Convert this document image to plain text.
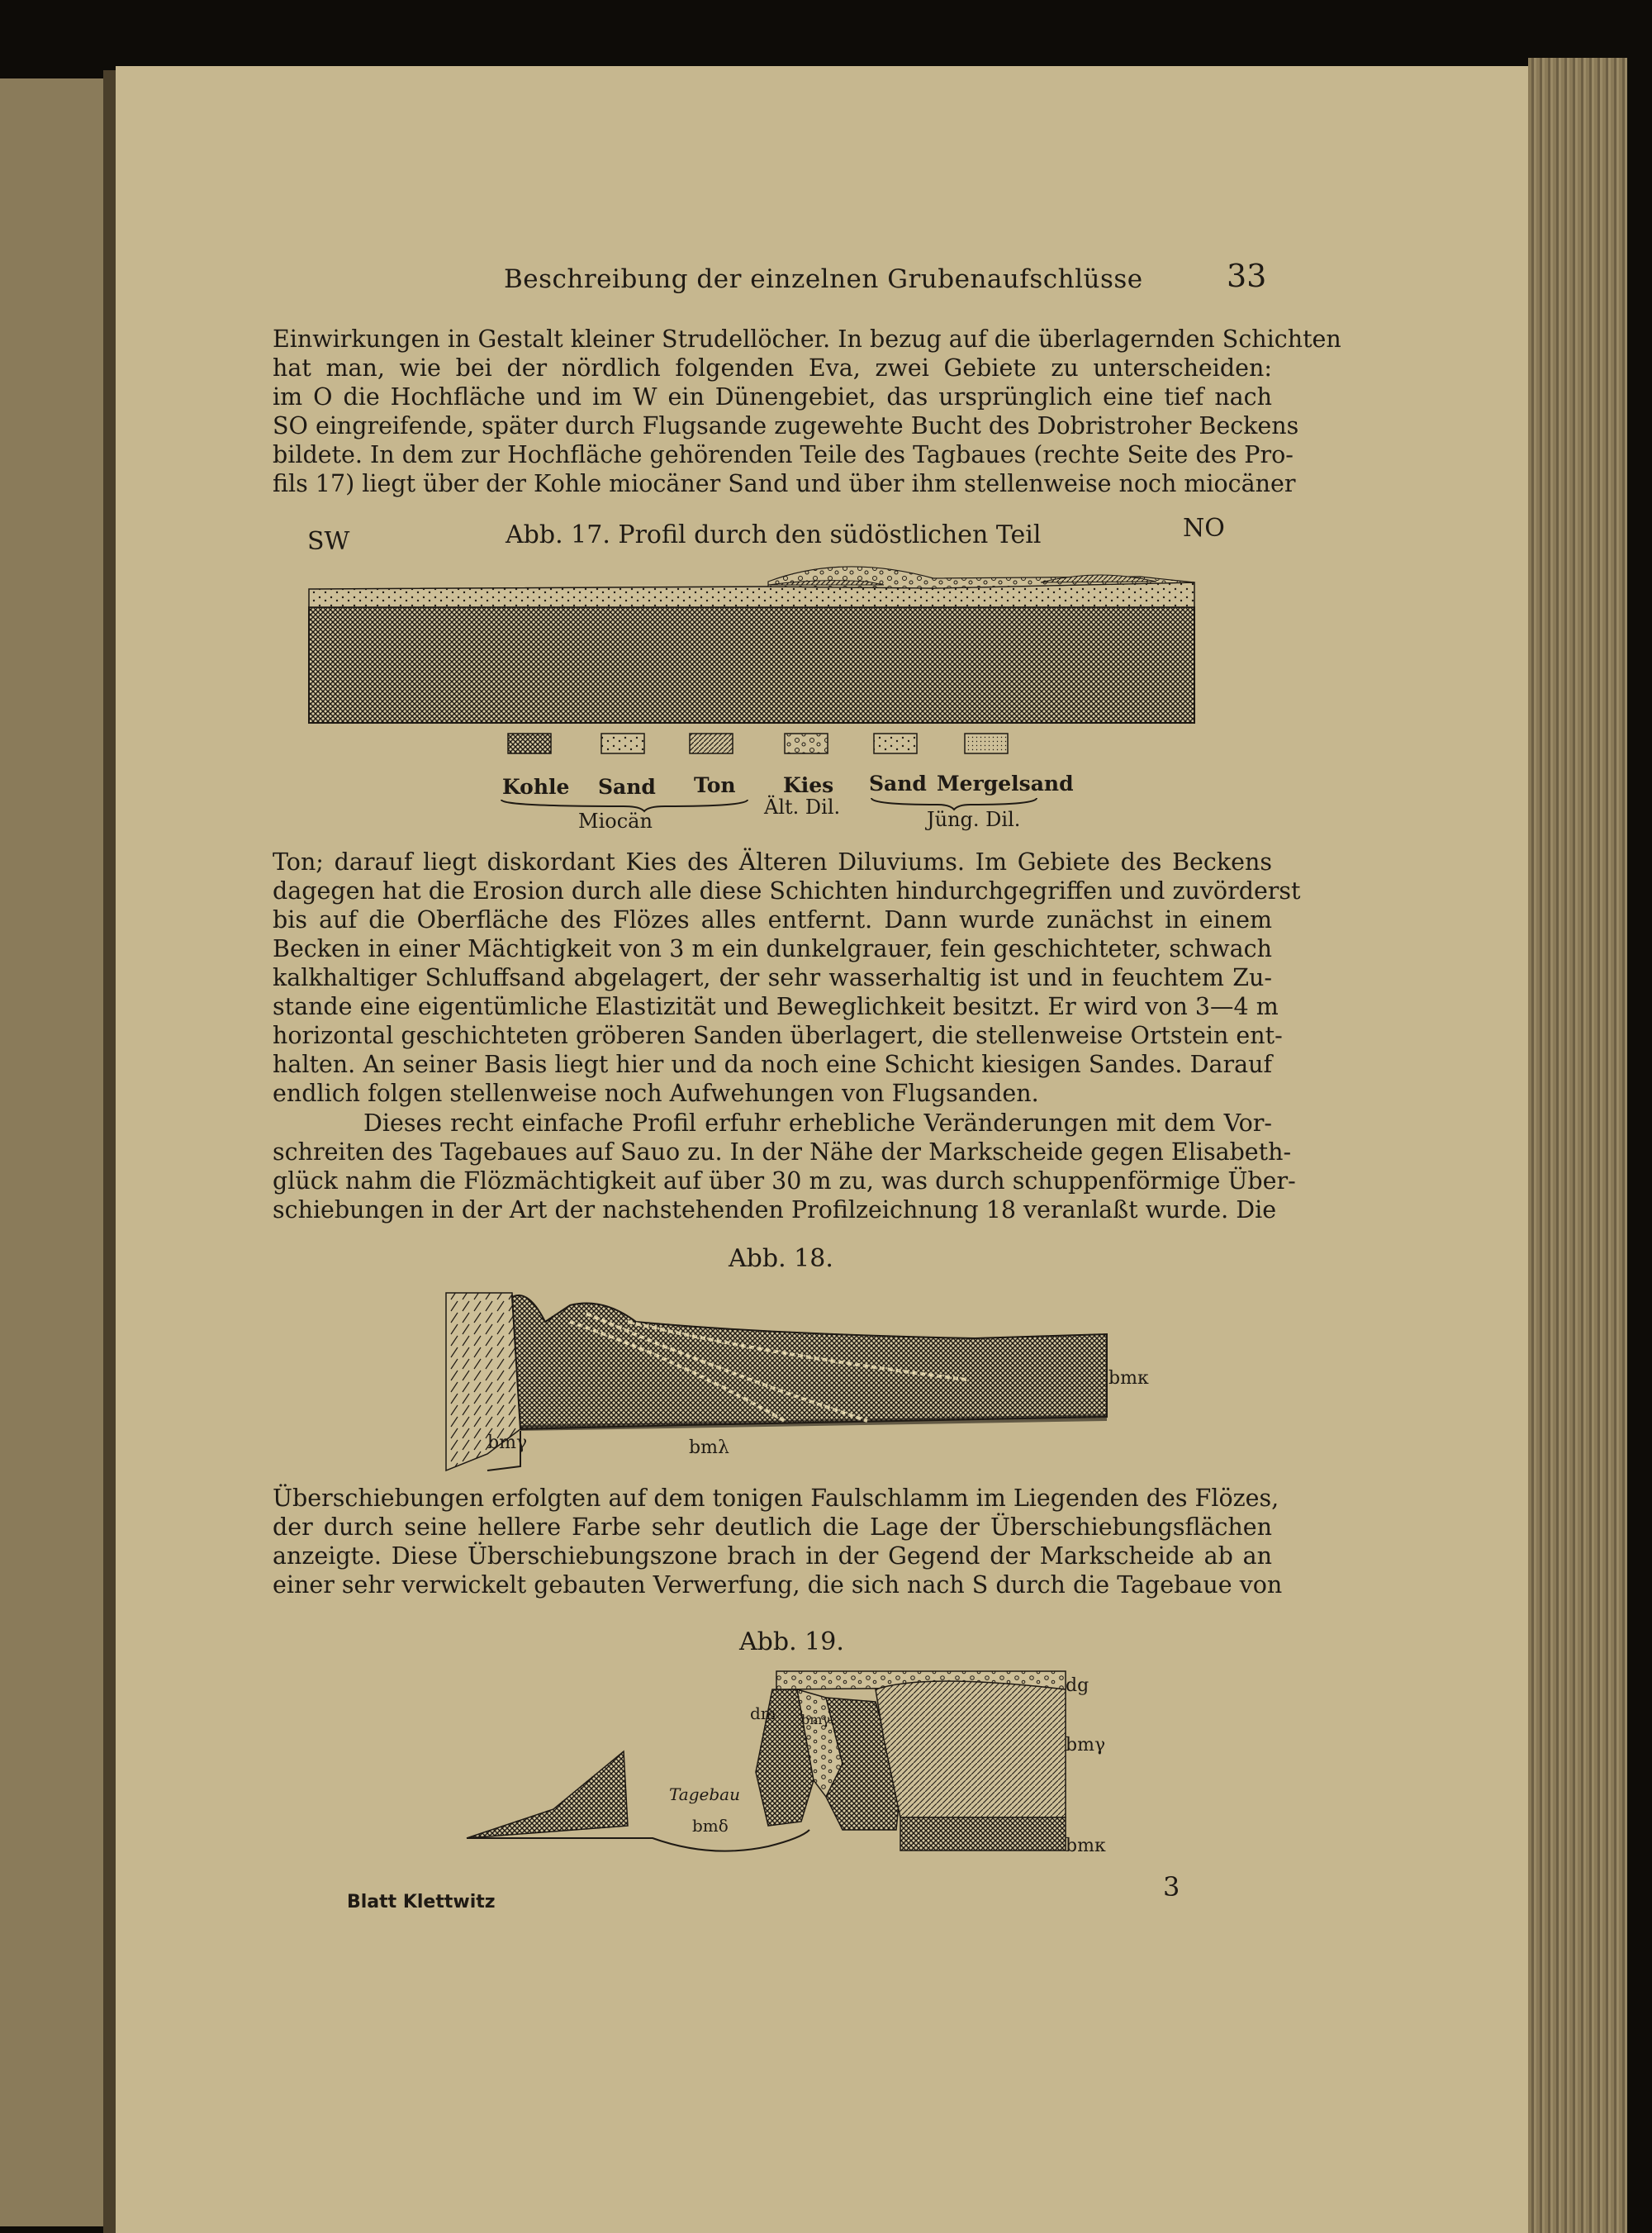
Beschreibung der einzelnen Grubenaufschlüsse	33
Einwirkungen in Gestalt kleiner Strudellöcher. In bezug auf die überlagernden Schichten
hat man, wie bei der nördlich folgenden Eva, zwei Gebiete zu unterscheiden:
im O die Hochfläche und im W ein Dünengebiet, das ursprünglich eine tief nach
SO eingreifende, später durch Flugsande zugewehte Bucht des Dobristroher Beckens
bildete. In dem zur Hochfläche gehörenden Teile des Tagbaues (rechte Seite des Pro-
fils 17) liegt über der Kohle miocäner Sand und über ihm stellenweise noch miocäner
SW	Abb. 17. Profil durch den südöstlichen Teil	NO
Kohle Sand Ton Kies Sand Mergelsand
Miocän
Ält. Dil.
Jüng. Dil.
Ton; darauf liegt diskordant Kies des Älteren Diluviums. Im Gebiete des Beckens
dagegen hat die Erosion durch alle diese Schichten hindurchgegriffen und zuvörderst
bis auf die Oberfläche des Flözes alles entfernt. Dann wurde zunächst in einem
Becken in einer Mächtigkeit von 3 m ein dunkelgrauer, fein geschichteter, schwach
kalkhaltiger Schluffsand abgelagert, der sehr wasserhaltig ist und in feuchtem Zu-
stande eine eigentümliche Elastizität und Beweglichkeit besitzt. Er wird von 3—4 m
horizontal geschichteten gröberen Sanden überlagert, die stellenweise Ortstein ent-
halten. An seiner Basis liegt hier und da noch eine Schicht kiesigen Sandes. Darauf
endlich folgen stellenweise noch Aufwehungen von Flugsanden.
Dieses recht einfache Profil erfuhr erhebliche Veränderungen mit dem Vor-
schreiten des Tagebaues auf Sauo zu. In der Nähe der Markscheide gegen Elisabeth-
glück nahm die Flözmächtigkeit auf über 30 m zu, was durch schuppenförmige Über-
schiebungen in der Art der nachstehenden Profilzeichnung 18 veranlaßt wurde. Die
Abb. 18.
bmκ
bmγ	bmλ
Überschiebungen erfolgten auf dem tonigen Faulschlamm im Liegenden des Flözes,
der durch seine hellere Farbe sehr deutlich die Lage der Überschiebungsflächen
anzeigte. Diese Überschiebungszone brach in der Gegend der Markscheide ab an
einer sehr verwickelt gebauten Verwerfung, die sich nach S durch die Tagebaue von
Abb. 19.
dg
dm bmγ
bmγ
Tagebau
bmδ
bmκ
Blatt Klettwitz	3
